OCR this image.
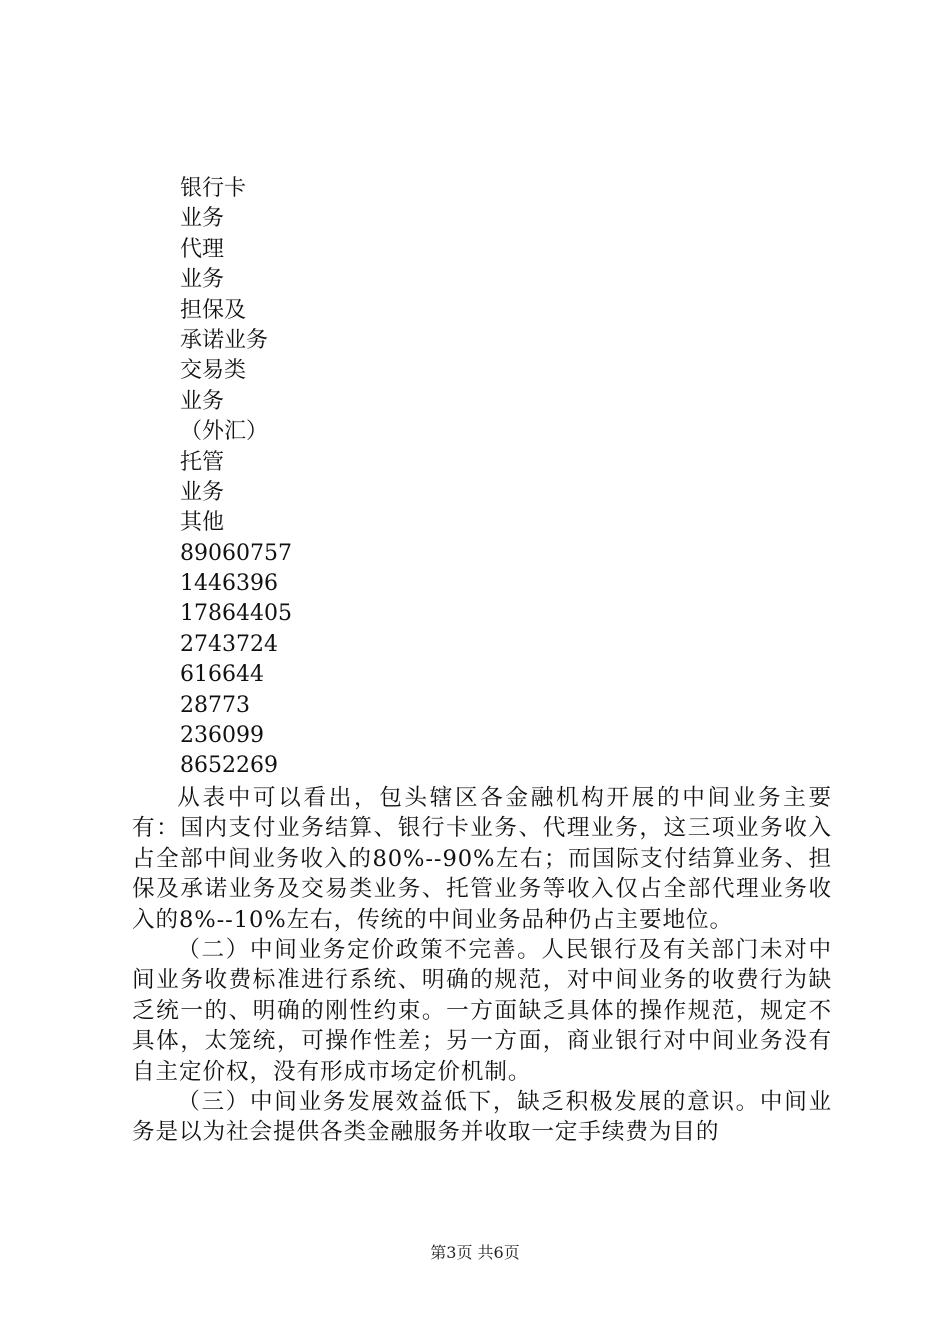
银行卡
业务
代理
业务
担保及
承诺业务
交易类
业务
（外汇）
托管
业务
其他
89060757
1446396
17864405
2743724
616644
28773
236099
8652269

从表中可以看出，包头辖区各金融机构开展的中间业务主要有：国内支付业务结算、银行卡业务、代理业务，这三项业务收入占全部中间业务收入的80%--90%左右；而国际支付结算业务、担保及承诺业务及交易类业务、托管业务等收入仅占全部代理业务收入的8%--10%左右，传统的中间业务品种仍占主要地位。

（二）中间业务定价政策不完善。人民银行及有关部门未对中间业务收费标准进行系统、明确的规范，对中间业务的收费行为缺乏统一的、明确的刚性约束。一方面缺乏具体的操作规范，规定不具体，太笼统，可操作性差；另一方面，商业银行对中间业务没有自主定价权，没有形成市场定价机制。

（三）中间业务发展效益低下，缺乏积极发展的意识。中间业务是以为社会提供各类金融服务并收取一定手续费为目的

第3页 共6页
